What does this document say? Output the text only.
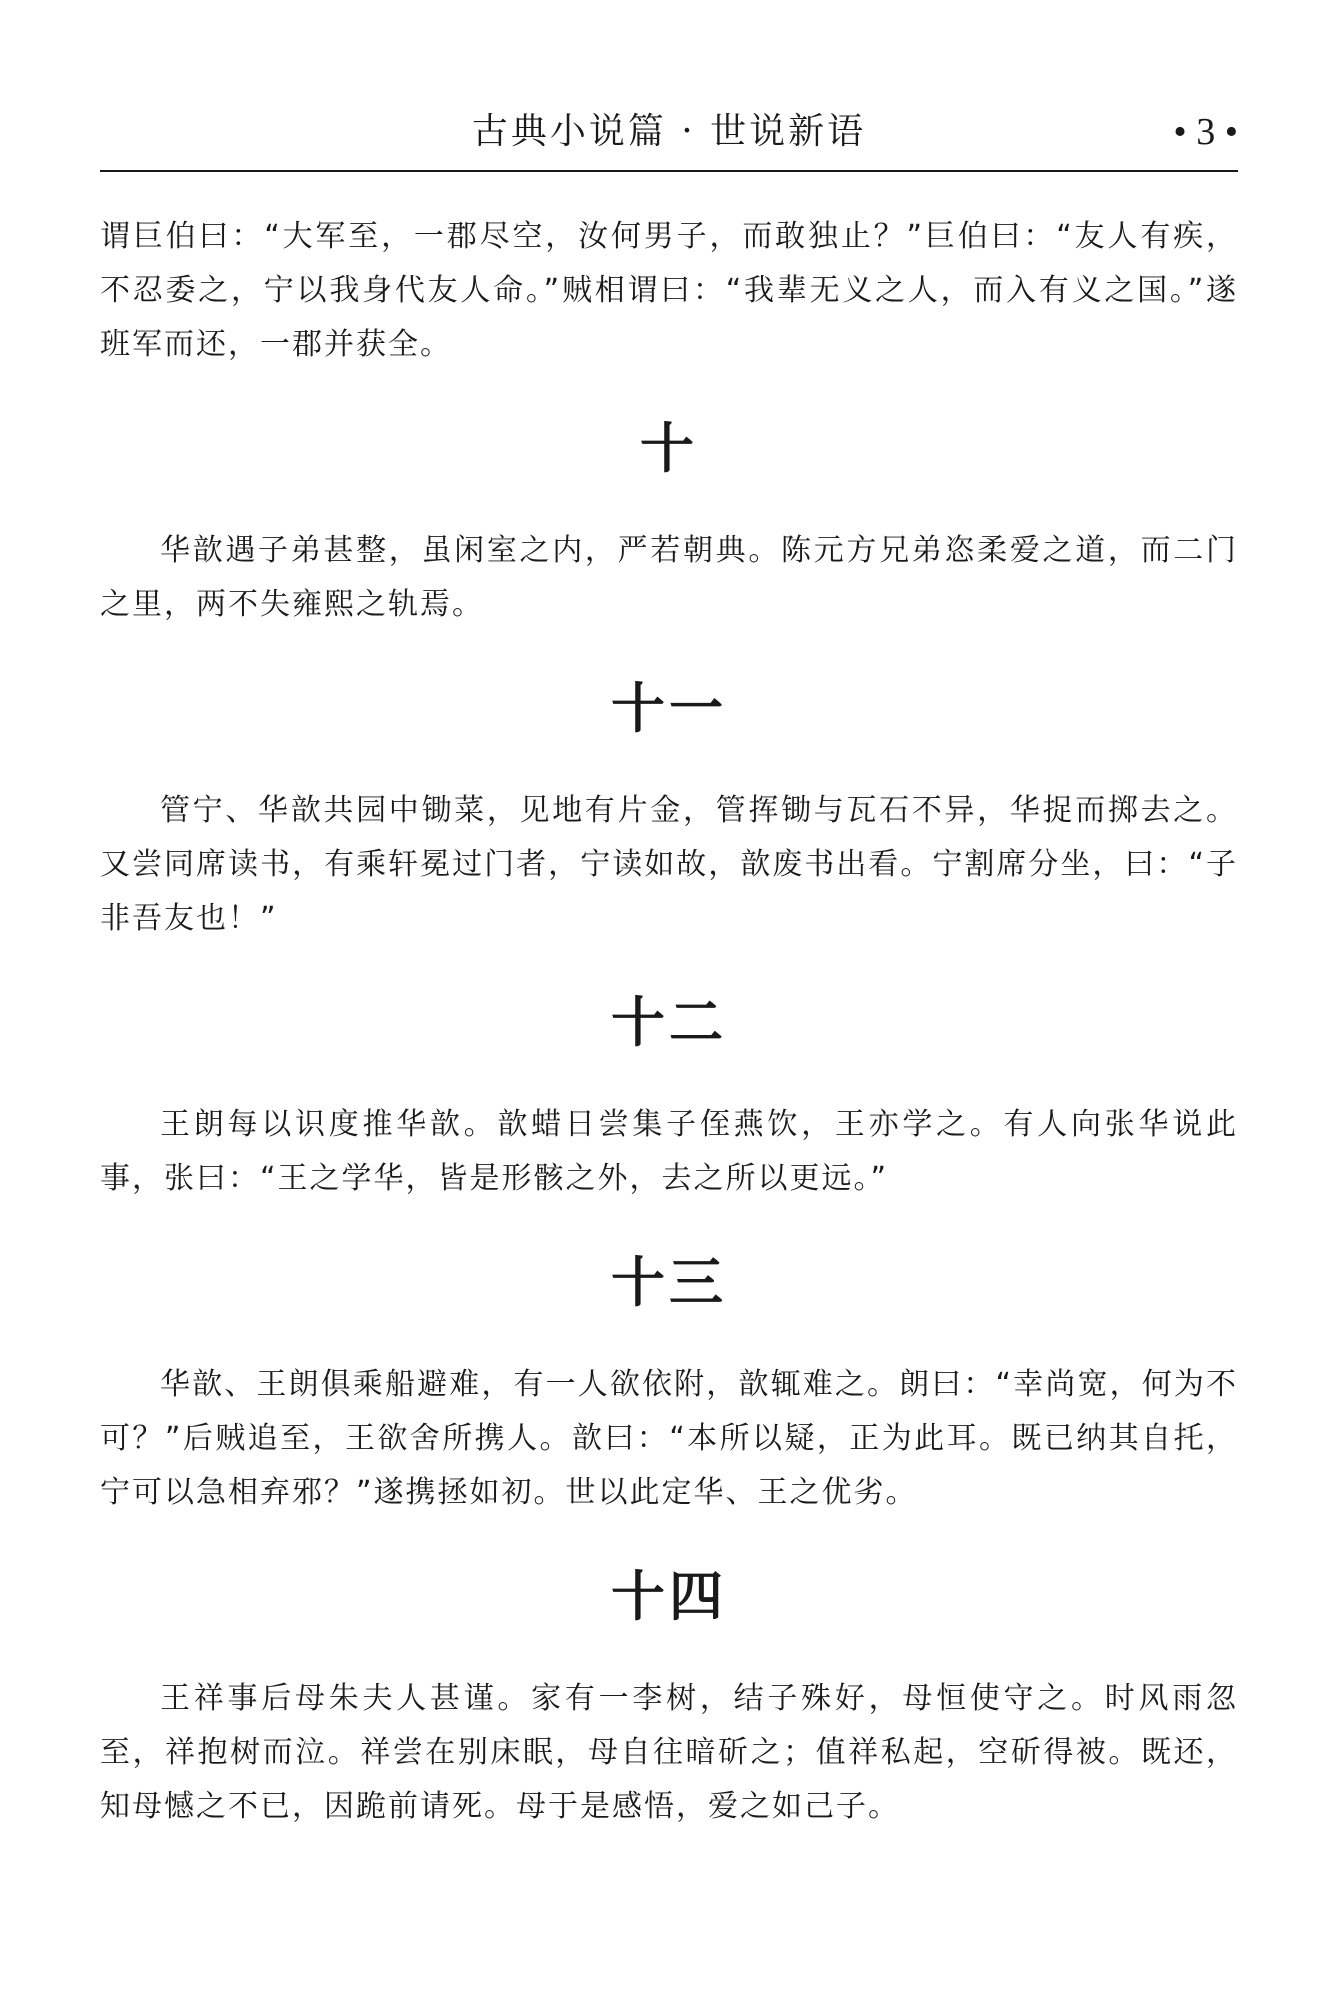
古典小说篇 · 世说新语	• 3 •

谓巨伯曰：“大军至，一郡尽空，汝何男子，而敢独止？”巨伯曰：“友人有疾，不忍委之，宁以我身代友人命。”贼相谓曰：“我辈无义之人，而入有义之国。”遂班军而还，一郡并获全。

十

华歆遇子弟甚整，虽闲室之内，严若朝典。陈元方兄弟恣柔爱之道，而二门之里，两不失雍熙之轨焉。

十一

管宁、华歆共园中锄菜，见地有片金，管挥锄与瓦石不异，华捉而掷去之。又尝同席读书，有乘轩冕过门者，宁读如故，歆废书出看。宁割席分坐，曰：“子非吾友也！”

十二

王朗每以识度推华歆。歆蜡日尝集子侄燕饮，王亦学之。有人向张华说此事，张曰：“王之学华，皆是形骸之外，去之所以更远。”

十三

华歆、王朗俱乘船避难，有一人欲依附，歆辄难之。朗曰：“幸尚宽，何为不可？”后贼追至，王欲舍所携人。歆曰：“本所以疑，正为此耳。既已纳其自托，宁可以急相弃邪？”遂携拯如初。世以此定华、王之优劣。

十四

王祥事后母朱夫人甚谨。家有一李树，结子殊好，母恒使守之。时风雨忽至，祥抱树而泣。祥尝在别床眠，母自往暗斫之；值祥私起，空斫得被。既还，知母憾之不已，因跪前请死。母于是感悟，爱之如己子。
